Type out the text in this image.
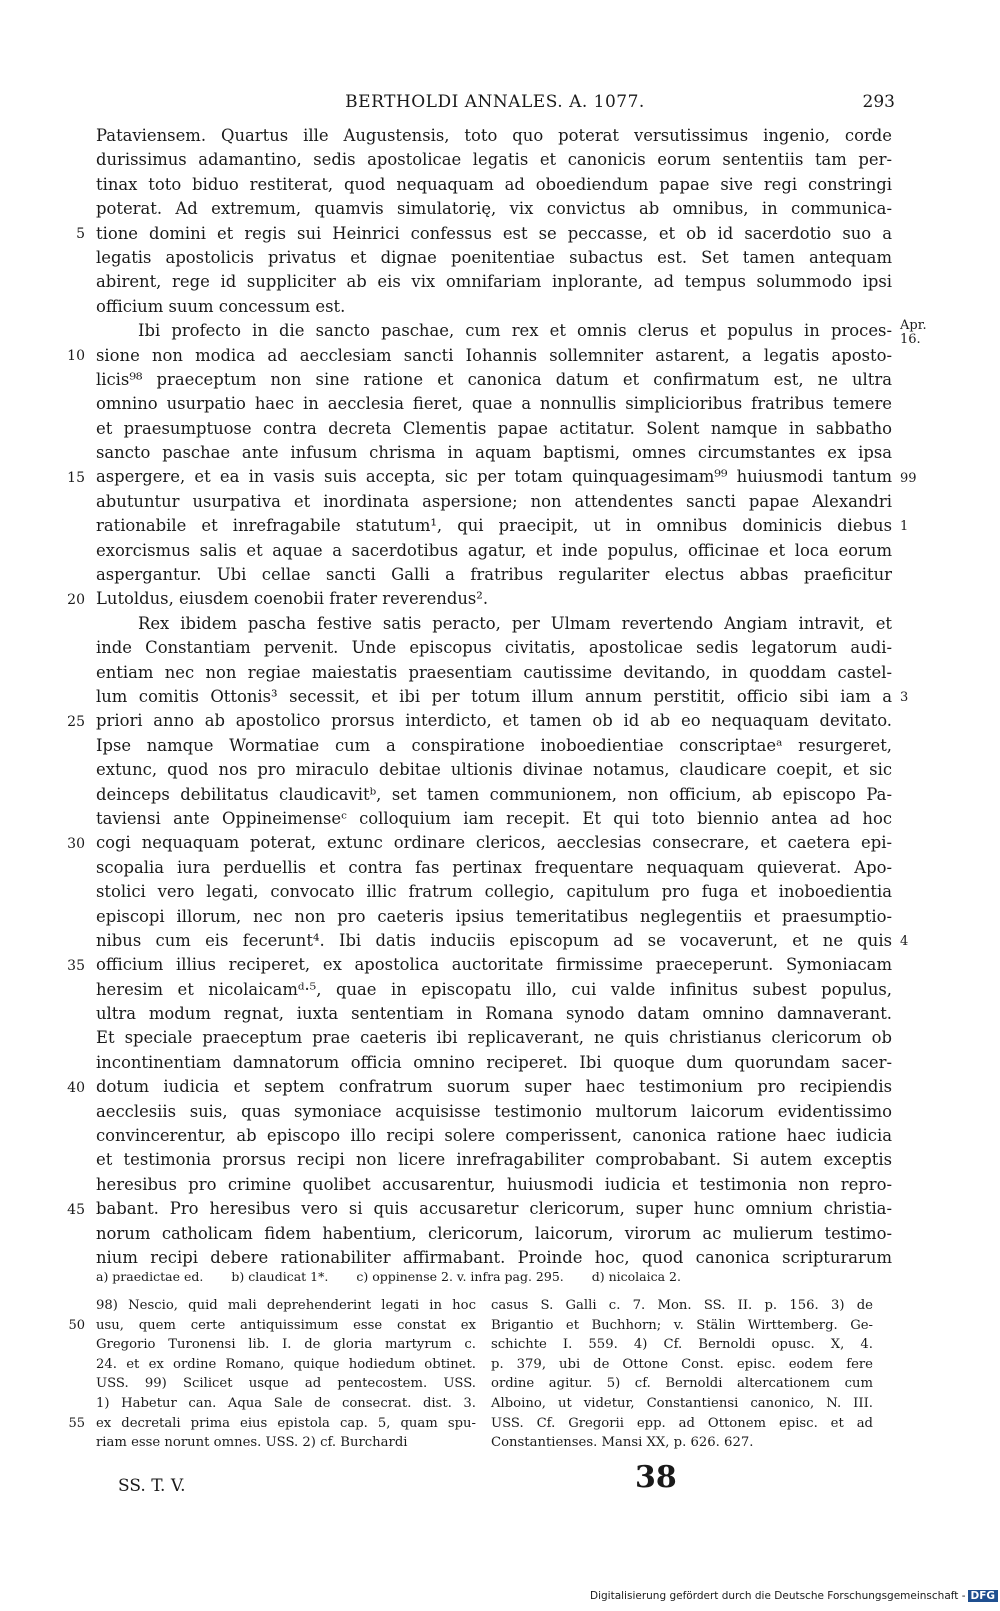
BERTHOLDI ANNALES. A. 1077.	293
Pataviensem. Quartus ille Augustensis, toto quo poterat versutissimus ingenio, corde
durissimus adamantino, sedis apostolicae legatis et canonicis eorum sententiis tam per-
tinax toto biduo restiterat, quod nequaquam ad oboediendum papae sive regi constringi
poterat. Ad extremum, quamvis simulatorię, vix convictus ab omnibus, in communica-
tione domini et regis sui Heinrici confessus est se peccasse, et ob id sacerdotio suo a
legatis apostolicis privatus et dignae poenitentiae subactus est. Set tamen antequam
abirent, rege id suppliciter ab eis vix omnifariam inplorante, ad tempus solummodo ipsi
officium suum concessum est.
Ibi profecto in die sancto paschae, cum rex et omnis clerus et populus in proces-
sione non modica ad aecclesiam sancti Iohannis sollemniter astarent, a legatis aposto-
licis⁹⁸ praeceptum non sine ratione et canonica datum et confirmatum est, ne ultra
omnino usurpatio haec in aecclesia fieret, quae a nonnullis simplicioribus fratribus temere
et praesumptuose contra decreta Clementis papae actitatur. Solent namque in sabbatho
sancto paschae ante infusum chrisma in aquam baptismi, omnes circumstantes ex ipsa
aspergere, et ea in vasis suis accepta, sic per totam quinquagesimam⁹⁹ huiusmodi tantum
abutuntur usurpativa et inordinata aspersione; non attendentes sancti papae Alexandri
rationabile et inrefragabile statutum¹, qui praecipit, ut in omnibus dominicis diebus
exorcismus salis et aquae a sacerdotibus agatur, et inde populus, officinae et loca eorum
aspergantur. Ubi cellae sancti Galli a fratribus regulariter electus abbas praeficitur
Lutoldus, eiusdem coenobii frater reverendus².
Rex ibidem pascha festive satis peracto, per Ulmam revertendo Angiam intravit, et
inde Constantiam pervenit. Unde episcopus civitatis, apostolicae sedis legatorum audi-
entiam nec non regiae maiestatis praesentiam cautissime devitando, in quoddam castel-
lum comitis Ottonis³ secessit, et ibi per totum illum annum perstitit, officio sibi iam a
priori anno ab apostolico prorsus interdicto, et tamen ob id ab eo nequaquam devitato.
Ipse namque Wormatiae cum a conspiratione inoboedientiae conscriptaeᵃ resurgeret,
extunc, quod nos pro miraculo debitae ultionis divinae notamus, claudicare coepit, et sic
deinceps debilitatus claudicavitᵇ, set tamen communionem, non officium, ab episcopo Pa-
taviensi ante Oppineimenseᶜ colloquium iam recepit. Et qui toto biennio antea ad hoc
cogi nequaquam poterat, extunc ordinare clericos, aecclesias consecrare, et caetera epi-
scopalia iura perduellis et contra fas pertinax frequentare nequaquam quieverat. Apo-
stolici vero legati, convocato illic fratrum collegio, capitulum pro fuga et inoboedientia
episcopi illorum, nec non pro caeteris ipsius temeritatibus neglegentiis et praesumptio-
nibus cum eis fecerunt⁴. Ibi datis induciis episcopum ad se vocaverunt, et ne quis
officium illius reciperet, ex apostolica auctoritate firmissime praeceperunt. Symoniacam
heresim et nicolaicamᵈ·⁵, quae in episcopatu illo, cui valde infinitus subest populus,
ultra modum regnat, iuxta sententiam in Romana synodo datam omnino damnaverant.
Et speciale praeceptum prae caeteris ibi replicaverant, ne quis christianus clericorum ob
incontinentiam damnatorum officia omnino reciperet. Ibi quoque dum quorundam sacer-
dotum iudicia et septem confratrum suorum super haec testimonium pro recipiendis
aecclesiis suis, quas symoniace acquisisse testimonio multorum laicorum evidentissimo
convincerentur, ab episcopo illo recipi solere comperissent, canonica ratione haec iudicia
et testimonia prorsus recipi non licere inrefragabiliter comprobabant. Si autem exceptis
heresibus pro crimine quolibet accusarentur, huiusmodi iudicia et testimonia non repro-
babant. Pro heresibus vero si quis accusaretur clericorum, super hunc omnium christia-
norum catholicam fidem habentium, clericorum, laicorum, virorum ac mulierum testimo-
nium recipi debere rationabiliter affirmabant. Proinde hoc, quod canonica scripturarum
5
10
15
20
25
30
35
40
45
Apr. 16.
99
1
3
4
a) praedictae ed. b) claudicat 1*. c) oppinense 2. v. infra pag. 295. d) nicolaica 2.
98) Nescio, quid mali deprehenderint legati in hoc
usu, quem certe antiquissimum esse constat ex
Gregorio Turonensi lib. I. de gloria martyrum c.
24. et ex ordine Romano, quique hodiedum obtinet.
USS. 99) Scilicet usque ad pentecostem. USS.
1) Habetur can. Aqua Sale de consecrat. dist. 3.
ex decretali prima eius epistola cap. 5, quam spu-
riam esse norunt omnes. USS. 2) cf. Burchardi
casus S. Galli c. 7. Mon. SS. II. p. 156. 3) de
Brigantio et Buchhorn; v. Stälin Wirttemberg. Ge-
schichte I. 559. 4) Cf. Bernoldi opusc. X, 4.
p. 379, ubi de Ottone Const. episc. eodem fere
ordine agitur. 5) cf. Bernoldi altercationem cum
Alboino, ut videtur, Constantiensi canonico, N. III.
USS. Cf. Gregorii epp. ad Ottonem episc. et ad
Constantienses. Mansi XX, p. 626. 627.
50
55
SS. T. V.	38
Digitalisierung gefördert durch die Deutsche Forschungsgemeinschaft - DFG
